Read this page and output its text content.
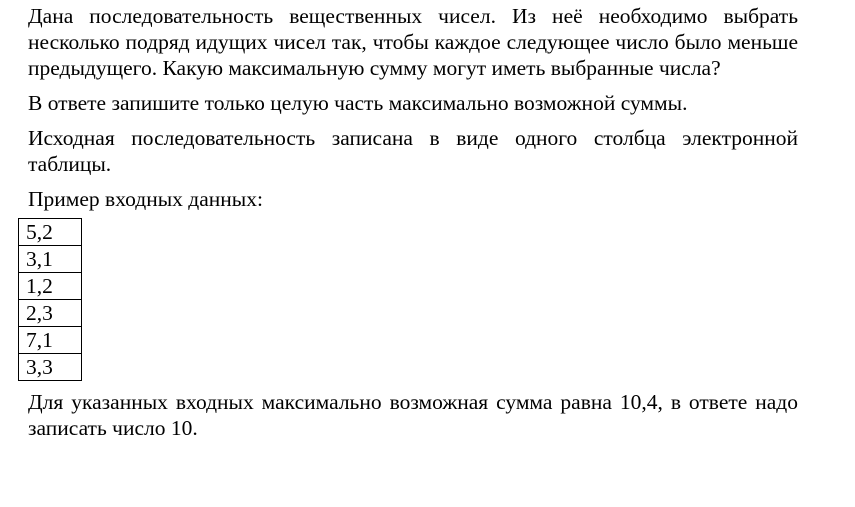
Дана последовательность вещественных чисел. Из неё необходимо выбрать несколько подряд идущих чисел так, чтобы каждое следующее число было меньше предыдущего. Какую максимальную сумму могут иметь выбранные числа?

В ответе запишите только целую часть максимально возможной суммы.

Исходная последовательность записана в виде одного столбца электронной таблицы.

Пример входных данных:

5,2
3,1
1,2
2,3
7,1
3,3

Для указанных входных максимально возможная сумма равна 10,4, в ответе надо записать число 10.
